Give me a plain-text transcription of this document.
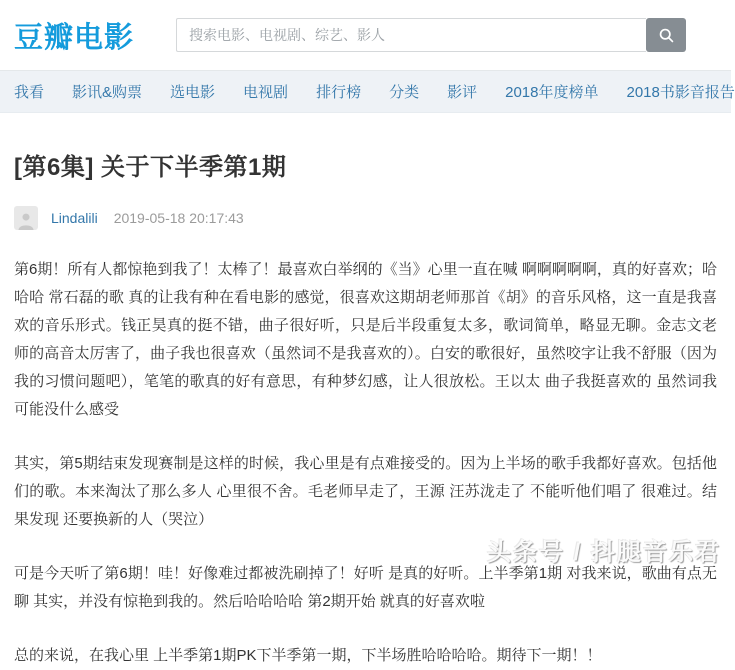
豆瓣电影
搜索电影、电视剧、综艺、影人
我看 影讯&购票 选电影 电视剧 排行榜 分类 影评 2018年度榜单 2018书影音报告
[第6集] 关于下半季第1期
Lindalili 2019-05-18 20:17:43

第6期！所有人都惊艳到我了！太棒了！最喜欢白举纲的《当》心里一直在喊 啊啊啊啊啊，真的好喜欢；哈哈哈 常石磊的歌 真的让我有种在看电影的感觉，很喜欢这期胡老师那首《胡》的音乐风格，这一直是我喜欢的音乐形式。钱正昊真的挺不错，曲子很好听，只是后半段重复太多，歌词简单，略显无聊。金志文老师的高音太厉害了，曲子我也很喜欢（虽然词不是我喜欢的）。白安的歌很好，虽然咬字让我不舒服（因为我的习惯问题吧），笔笔的歌真的好有意思，有种梦幻感，让人很放松。王以太 曲子我挺喜欢的 虽然词我可能没什么感受

其实，第5期结束发现赛制是这样的时候，我心里是有点难接受的。因为上半场的歌手我都好喜欢。包括他们的歌。本来淘汰了那么多人 心里很不舍。毛老师早走了，王源 汪苏泷走了 不能听他们唱了 很难过。结果发现 还要换新的人（哭泣）

可是今天听了第6期！哇！好像难过都被洗刷掉了！好听 是真的好听。上半季第1期 对我来说，歌曲有点无聊 其实，并没有惊艳到我的。然后哈哈哈哈 第2期开始 就真的好喜欢啦

总的来说，在我心里 上半季第1期PK下半季第一期，下半场胜哈哈哈哈。期待下一期！！

头条号 / 抖腿音乐君
